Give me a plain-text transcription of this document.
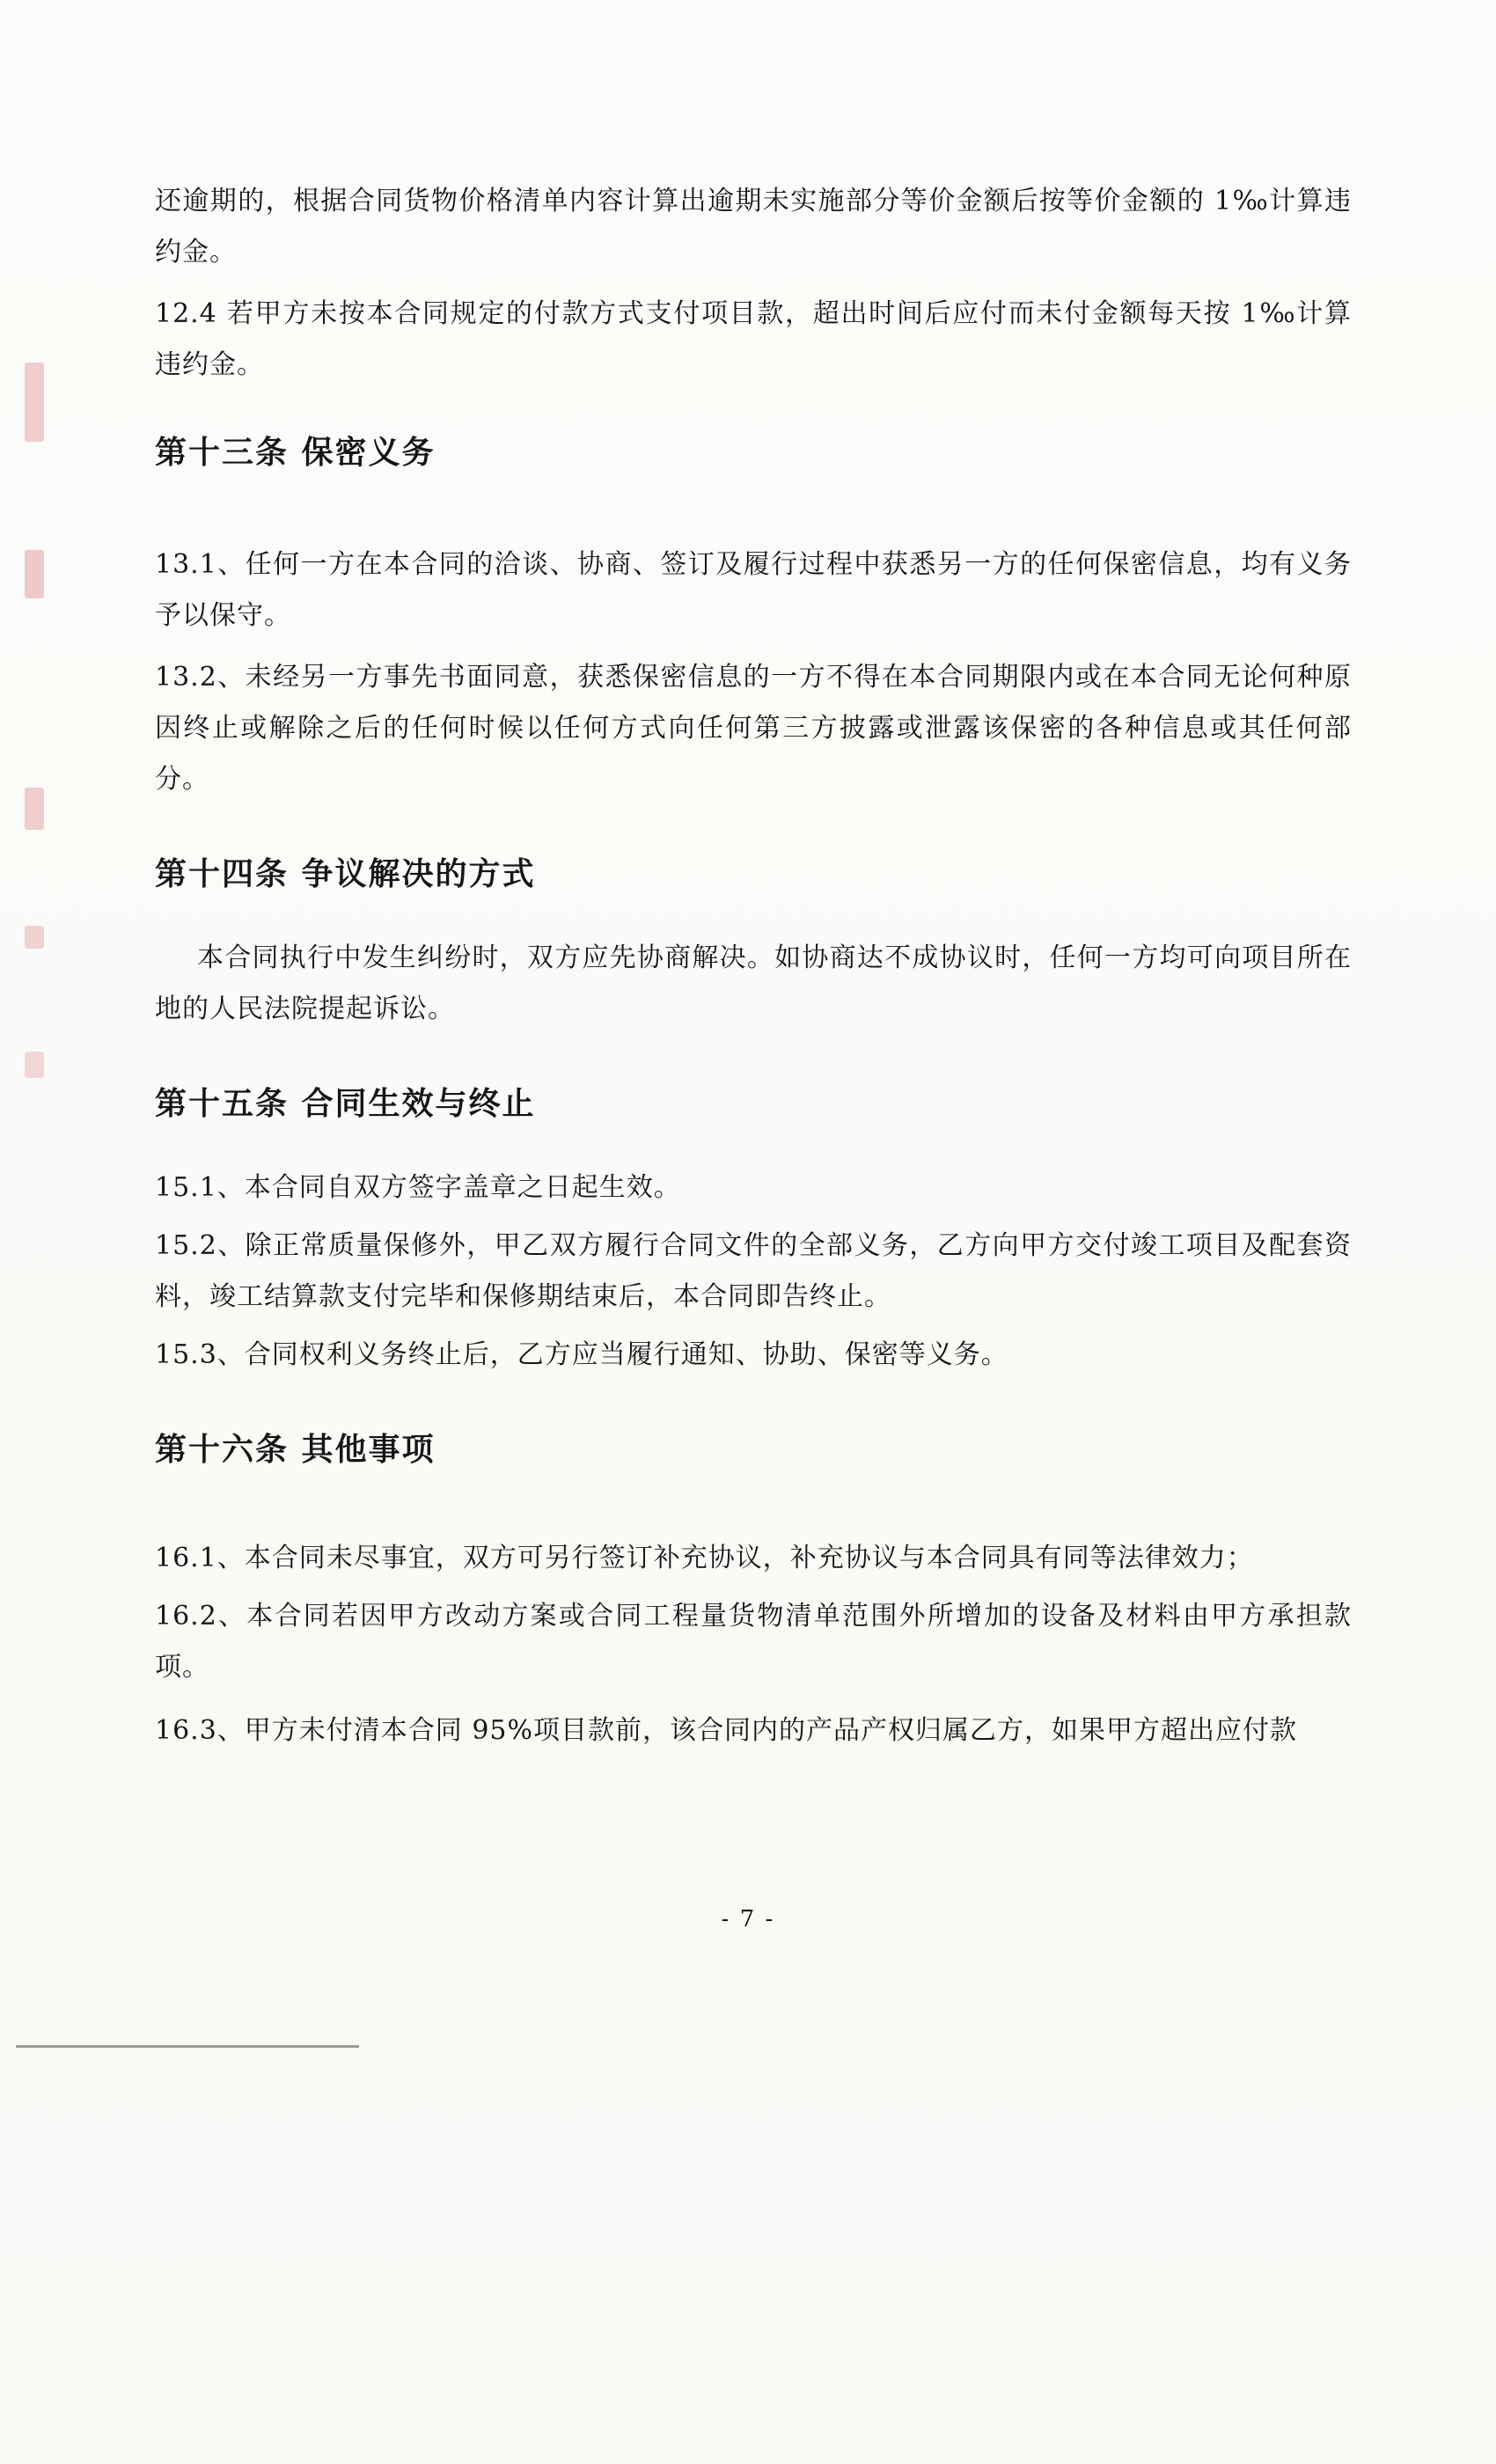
还逾期的，根据合同货物价格清单内容计算出逾期未实施部分等价金额后按等价金额的 1‰计算违约金。

12.4 若甲方未按本合同规定的付款方式支付项目款，超出时间后应付而未付金额每天按 1‰计算违约金。

第十三条 保密义务

13.1、任何一方在本合同的洽谈、协商、签订及履行过程中获悉另一方的任何保密信息，均有义务予以保守。

13.2、未经另一方事先书面同意，获悉保密信息的一方不得在本合同期限内或在本合同无论何种原因终止或解除之后的任何时候以任何方式向任何第三方披露或泄露该保密的各种信息或其任何部分。

第十四条 争议解决的方式

本合同执行中发生纠纷时，双方应先协商解决。如协商达不成协议时，任何一方均可向项目所在地的人民法院提起诉讼。

第十五条 合同生效与终止

15.1、本合同自双方签字盖章之日起生效。

15.2、除正常质量保修外，甲乙双方履行合同文件的全部义务，乙方向甲方交付竣工项目及配套资料，竣工结算款支付完毕和保修期结束后，本合同即告终止。

15.3、合同权利义务终止后，乙方应当履行通知、协助、保密等义务。

第十六条 其他事项

16.1、本合同未尽事宜，双方可另行签订补充协议，补充协议与本合同具有同等法律效力；

16.2、本合同若因甲方改动方案或合同工程量货物清单范围外所增加的设备及材料由甲方承担款项。

16.3、甲方未付清本合同 95%项目款前，该合同内的产品产权归属乙方，如果甲方超出应付款

- 7 -
